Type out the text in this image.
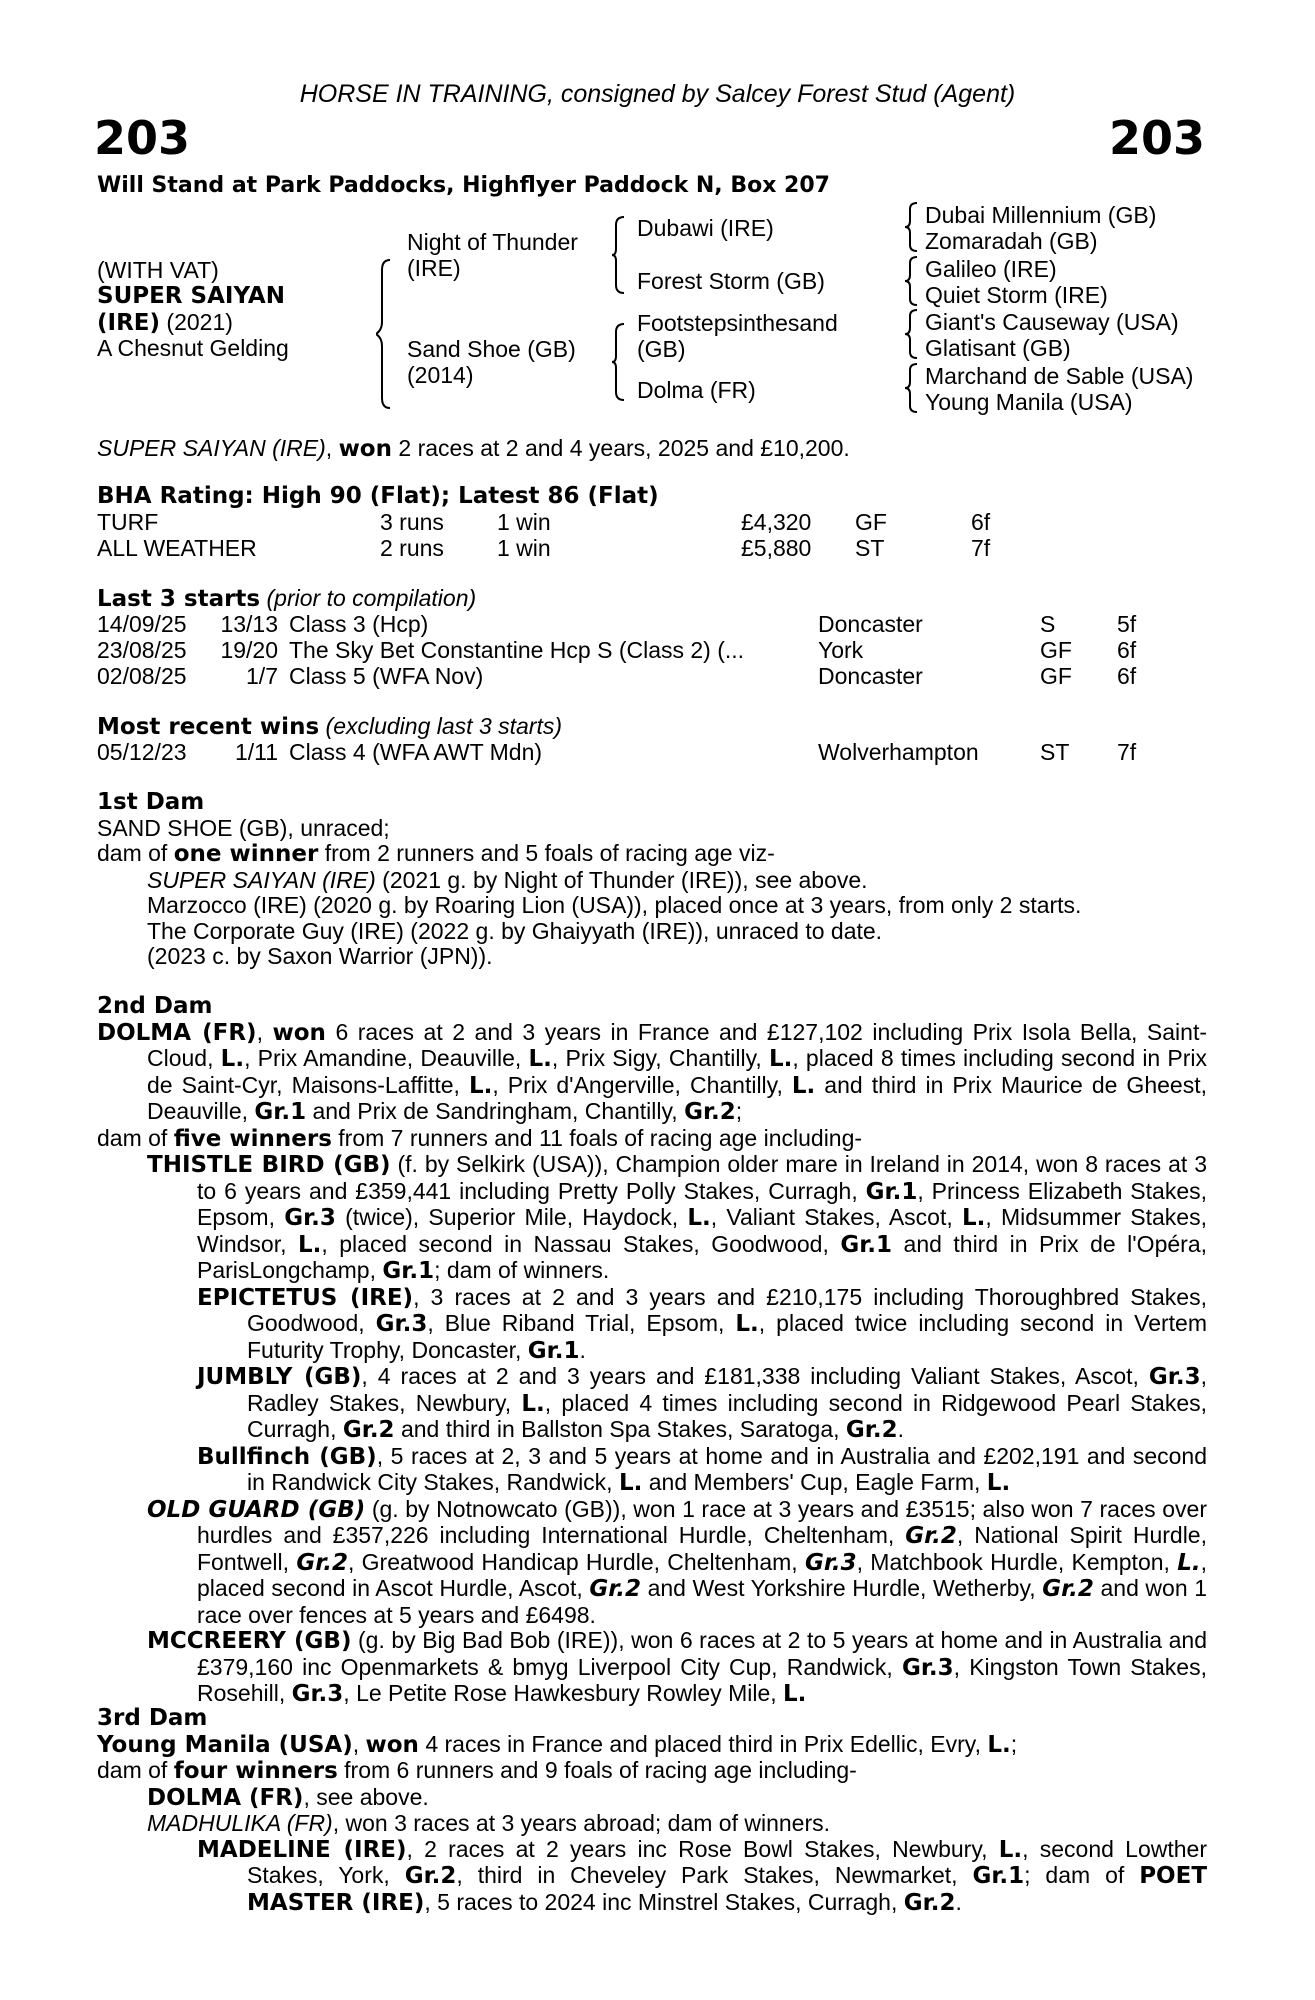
HORSE IN TRAINING, consigned by Salcey Forest Stud (Agent)
203	203
Will Stand at Park Paddocks, Highflyer Paddock N, Box 207
(WITH VAT)
SUPER SAIYAN
(IRE) (2021)
A Chesnut Gelding
Night of Thunder
(IRE)
Sand Shoe (GB)
(2014)
Dubawi (IRE)
Forest Storm (GB)
Footstepsinthesand
(GB)
Dolma (FR)
Dubai Millennium (GB)
Zomaradah (GB)
Galileo (IRE)
Quiet Storm (IRE)
Giant's Causeway (USA)
Glatisant (GB)
Marchand de Sable (USA)
Young Manila (USA)
SUPER SAIYAN (IRE), won 2 races at 2 and 4 years, 2025 and £10,200.
BHA Rating: High 90 (Flat); Latest 86 (Flat)
TURF	3 runs 1 win	£4,320 GF	6f
ALL WEATHER	2 runs 1 win	£5,880 ST	7f
Last 3 starts (prior to compilation)
14/09/25	13/13 Class 3 (Hcp)	Doncaster	S	5f
23/08/25	19/20 The Sky Bet Constantine Hcp S (Class 2) (...	York	GF 6f
02/08/25	1/7 Class 5 (WFA Nov)	Doncaster	GF 6f
Most recent wins (excluding last 3 starts)
05/12/23	1/11 Class 4 (WFA AWT Mdn)	Wolverhampton	ST 7f

1st Dam

SAND SHOE (GB), unraced;

dam of one winner from 2 runners and 5 foals of racing age viz-

SUPER SAIYAN (IRE) (2021 g. by Night of Thunder (IRE)), see above.

Marzocco (IRE) (2020 g. by Roaring Lion (USA)), placed once at 3 years, from only 2 starts.

The Corporate Guy (IRE) (2022 g. by Ghaiyyath (IRE)), unraced to date.

(2023 c. by Saxon Warrior (JPN)).

2nd Dam

DOLMA (FR), won 6 races at 2 and 3 years in France and £127,102 including Prix Isola Bella, Saint-Cloud, L., Prix Amandine, Deauville, L., Prix Sigy, Chantilly, L., placed 8 times including second in Prix de Saint-Cyr, Maisons-Laffitte, L., Prix d'Angerville, Chantilly, L. and third in Prix Maurice de Gheest, Deauville, Gr.1 and Prix de Sandringham, Chantilly, Gr.2;

dam of five winners from 7 runners and 11 foals of racing age including-

THISTLE BIRD (GB) (f. by Selkirk (USA)), Champion older mare in Ireland in 2014, won 8 races at 3 to 6 years and £359,441 including Pretty Polly Stakes, Curragh, Gr.1, Princess Elizabeth Stakes, Epsom, Gr.3 (twice), Superior Mile, Haydock, L., Valiant Stakes, Ascot, L., Midsummer Stakes, Windsor, L., placed second in Nassau Stakes, Goodwood, Gr.1 and third in Prix de l'Opéra, ParisLongchamp, Gr.1; dam of winners.

EPICTETUS (IRE), 3 races at 2 and 3 years and £210,175 including Thoroughbred Stakes, Goodwood, Gr.3, Blue Riband Trial, Epsom, L., placed twice including second in Vertem Futurity Trophy, Doncaster, Gr.1.

JUMBLY (GB), 4 races at 2 and 3 years and £181,338 including Valiant Stakes, Ascot, Gr.3, Radley Stakes, Newbury, L., placed 4 times including second in Ridgewood Pearl Stakes, Curragh, Gr.2 and third in Ballston Spa Stakes, Saratoga, Gr.2.

Bullfinch (GB), 5 races at 2, 3 and 5 years at home and in Australia and £202,191 and second in Randwick City Stakes, Randwick, L. and Members' Cup, Eagle Farm, L.

OLD GUARD (GB) (g. by Notnowcato (GB)), won 1 race at 3 years and £3515; also won 7 races over hurdles and £357,226 including International Hurdle, Cheltenham, Gr.2, National Spirit Hurdle, Fontwell, Gr.2, Greatwood Handicap Hurdle, Cheltenham, Gr.3, Matchbook Hurdle, Kempton, L., placed second in Ascot Hurdle, Ascot, Gr.2 and West Yorkshire Hurdle, Wetherby, Gr.2 and won 1 race over fences at 5 years and £6498.

MCCREERY (GB) (g. by Big Bad Bob (IRE)), won 6 races at 2 to 5 years at home and in Australia and £379,160 inc Openmarkets & bmyg Liverpool City Cup, Randwick, Gr.3, Kingston Town Stakes, Rosehill, Gr.3, Le Petite Rose Hawkesbury Rowley Mile, L.

3rd Dam

Young Manila (USA), won 4 races in France and placed third in Prix Edellic, Evry, L.;

dam of four winners from 6 runners and 9 foals of racing age including-

DOLMA (FR), see above.

MADHULIKA (FR), won 3 races at 3 years abroad; dam of winners.

MADELINE (IRE), 2 races at 2 years inc Rose Bowl Stakes, Newbury, L., second Lowther Stakes, York, Gr.2, third in Cheveley Park Stakes, Newmarket, Gr.1; dam of POET MASTER (IRE), 5 races to 2024 inc Minstrel Stakes, Curragh, Gr.2.
